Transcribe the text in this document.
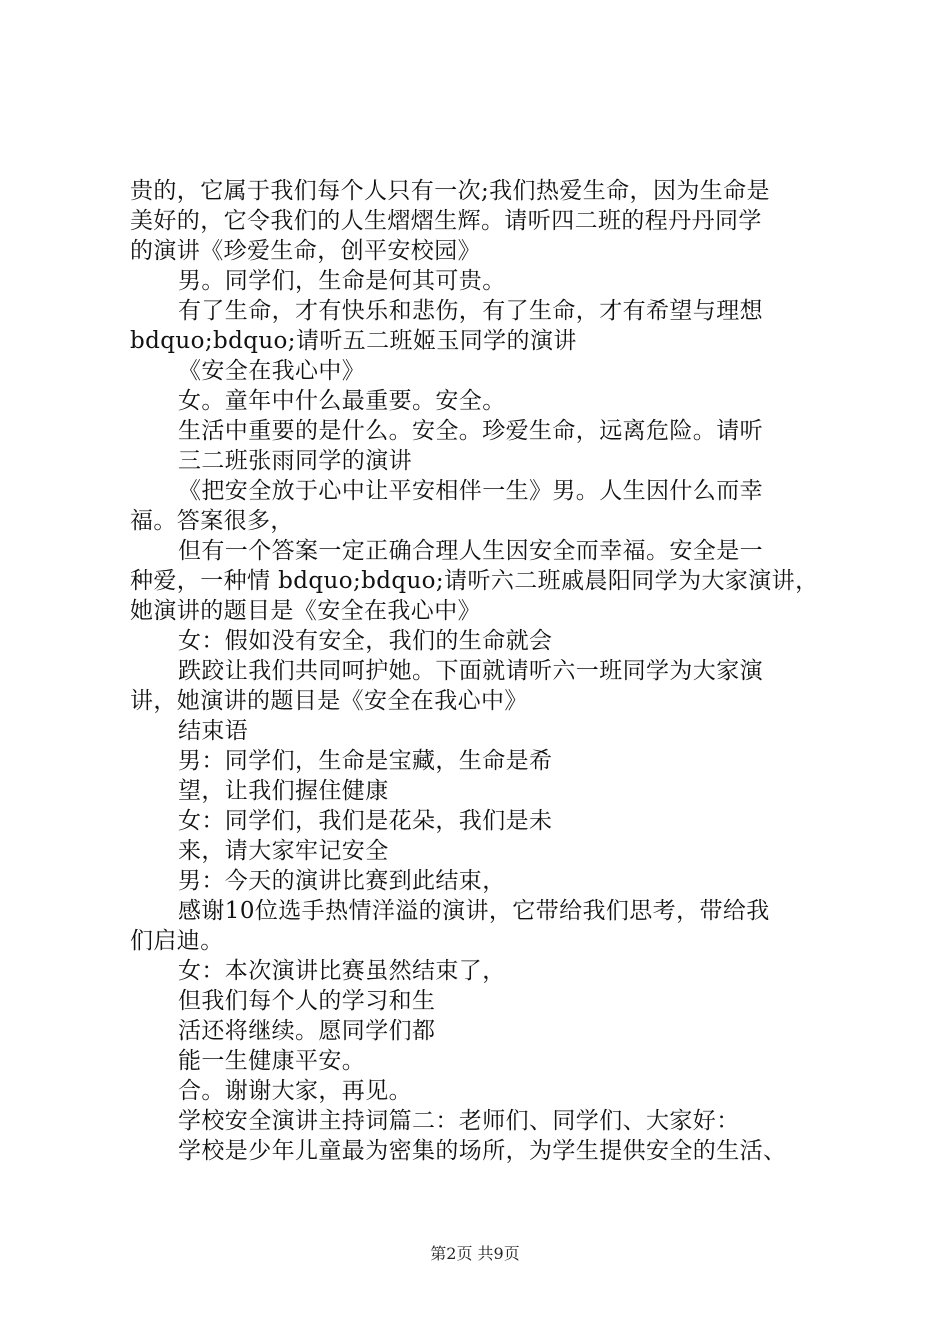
贵的，它属于我们每个人只有一次;我们热爱生命，因为生命是
美好的，它令我们的人生熠熠生辉。请听四二班的程丹丹同学
的演讲《珍爱生命，创平安校园》
男。同学们，生命是何其可贵。
有了生命，才有快乐和悲伤，有了生命，才有希望与理想
bdquo;bdquo;请听五二班姬玉同学的演讲
《安全在我心中》
女。童年中什么最重要。安全。
生活中重要的是什么。安全。珍爱生命，远离危险。请听
三二班张雨同学的演讲
《把安全放于心中让平安相伴一生》男。人生因什么而幸
福。答案很多，
但有一个答案一定正确合理人生因安全而幸福。安全是一
种爱，一种情 bdquo;bdquo;请听六二班戚晨阳同学为大家演讲，
她演讲的题目是《安全在我心中》
女：假如没有安全，我们的生命就会
跌跤让我们共同呵护她。下面就请听六一班同学为大家演
讲，她演讲的题目是《安全在我心中》
结束语
男：同学们，生命是宝藏，生命是希
望，让我们握住健康
女：同学们，我们是花朵，我们是未
来，请大家牢记安全
男：今天的演讲比赛到此结束，
感谢10位选手热情洋溢的演讲，它带给我们思考，带给我
们启迪。
女：本次演讲比赛虽然结束了，
但我们每个人的学习和生
活还将继续。愿同学们都
能一生健康平安。
合。谢谢大家，再见。
学校安全演讲主持词篇二：老师们、同学们、大家好：
学校是少年儿童最为密集的场所，为学生提供安全的生活、
第2页 共9页
